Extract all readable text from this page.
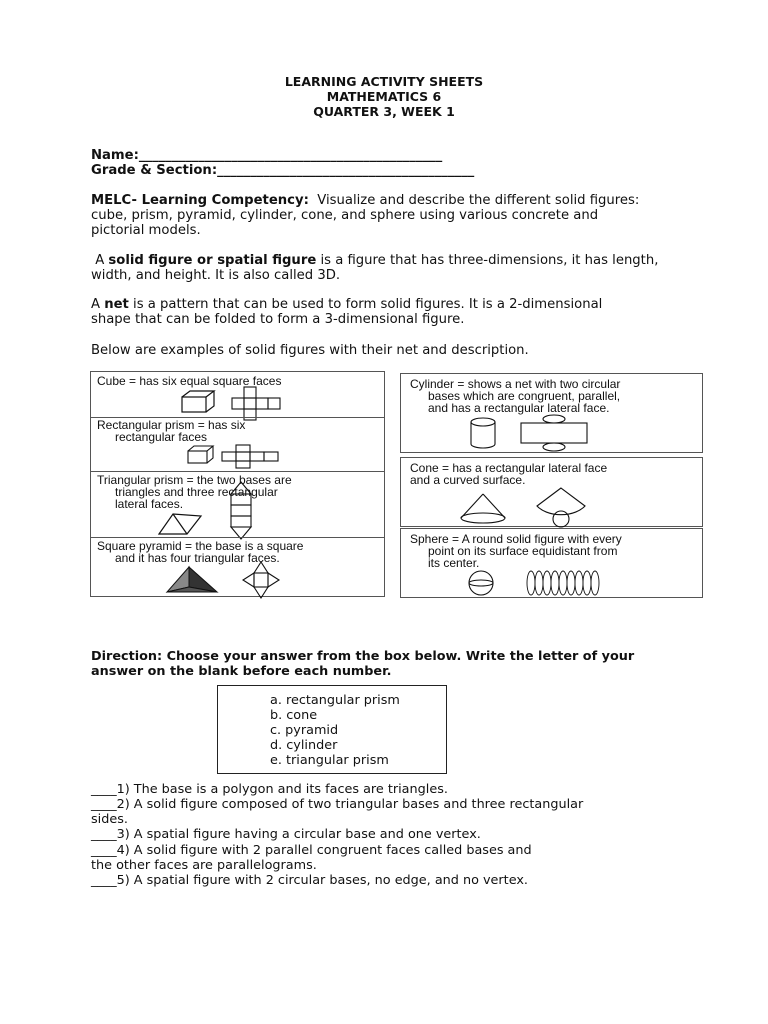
LEARNING ACTIVITY SHEETS
MATHEMATICS 6
QUARTER 3, WEEK 1
Name:______________________________________________
Grade & Section:_______________________________________
MELC- Learning Competency: Visualize and describe the different solid figures:
cube, prism, pyramid, cylinder, cone, and sphere using various concrete and
pictorial models.
A solid figure or spatial figure is a figure that has three-dimensions, it has length,
width, and height. It is also called 3D.
A net is a pattern that can be used to form solid figures. It is a 2-dimensional
shape that can be folded to form a 3-dimensional figure.
Below are examples of solid figures with their net and description.
Cube = has six equal square faces
Rectangular prism = has six
rectangular faces
Triangular prism = the two bases are
triangles and three rectangular
lateral faces.
Square pyramid = the base is a square
and it has four triangular faces.
Cylinder = shows a net with two circular
bases which are congruent, parallel,
and has a rectangular lateral face.
Cone = has a rectangular lateral face
and a curved surface.
Sphere = A round solid figure with every
point on its surface equidistant from
its center.
Direction: Choose your answer from the box below. Write the letter of your
answer on the blank before each number.
a. rectangular prism
b. cone
c. pyramid
d. cylinder
e. triangular prism
____1) The base is a polygon and its faces are triangles.
____2) A solid figure composed of two triangular bases and three rectangular
sides.
____3) A spatial figure having a circular base and one vertex.
____4) A solid figure with 2 parallel congruent faces called bases and
the other faces are parallelograms.
____5) A spatial figure with 2 circular bases, no edge, and no vertex.
